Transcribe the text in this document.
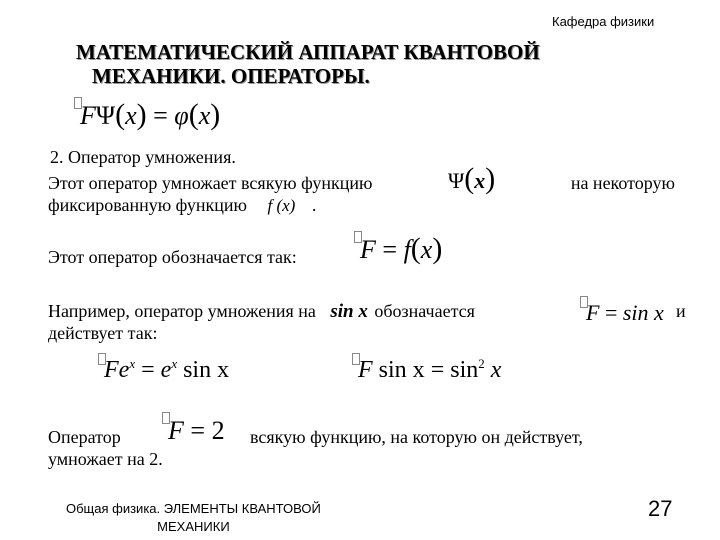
Кафедра физики
МАТЕМАТИЧЕСКИЙ АППАРАТ КВАНТОВОЙ
МЕХАНИКИ. ОПЕРАТОРЫ.
FΨ(x) = φ(x)
2. Оператор умножения.
Этот оператор умножает всякую функцию	Ψ(x)	на некоторую
фиксированную функцию f (x) .
Этот оператор обозначается так: F = f(x)
Например, оператор умножения на sin x обозначается	F = sin x и
действует так:
$Fe^x = e^x$ sin x	F $\sin x = \sin^2 x$
Оператор F = 2 всякую функцию, на которую он действует,
умножает на 2.
Общая физика. ЭЛЕМЕНТЫ КВАНТОВОЙ
МЕХАНИКИ
27
